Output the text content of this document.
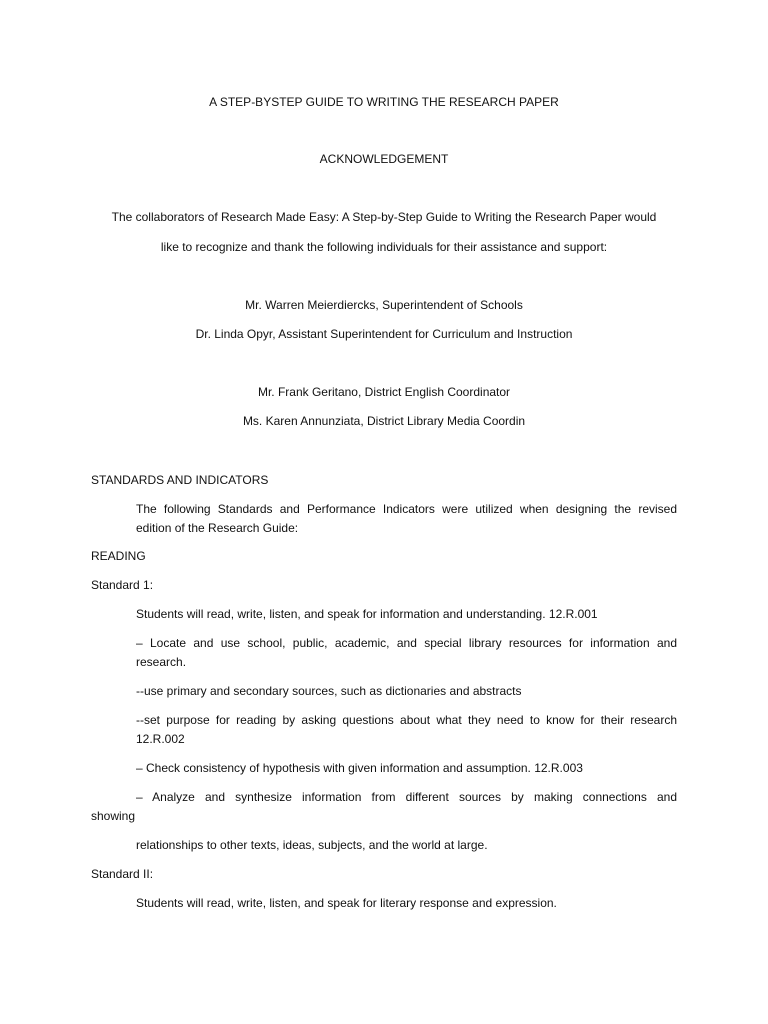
A STEP-BYSTEP GUIDE TO WRITING THE RESEARCH PAPER
ACKNOWLEDGEMENT
The collaborators of Research Made Easy: A Step-by-Step Guide to Writing the Research Paper would
like to recognize and thank the following individuals for their assistance and support:
Mr. Warren Meierdiercks, Superintendent of Schools
Dr. Linda Opyr, Assistant Superintendent for Curriculum and Instruction
Mr. Frank Geritano, District English Coordinator
Ms. Karen Annunziata, District Library Media Coordin
STANDARDS AND INDICATORS
The following Standards and Performance Indicators were utilized when designing the revised
edition of the Research Guide:
READING
Standard 1:
Students will read, write, listen, and speak for information and understanding. 12.R.001
– Locate and use school, public, academic, and special library resources for information and
research.
--use primary and secondary sources, such as dictionaries and abstracts
--set purpose for reading by asking questions about what they need to know for their research
12.R.002
– Check consistency of hypothesis with given information and assumption. 12.R.003
– Analyze and synthesize information from different sources by making connections and
showing
relationships to other texts, ideas, subjects, and the world at large.
Standard II:
Students will read, write, listen, and speak for literary response and expression.
